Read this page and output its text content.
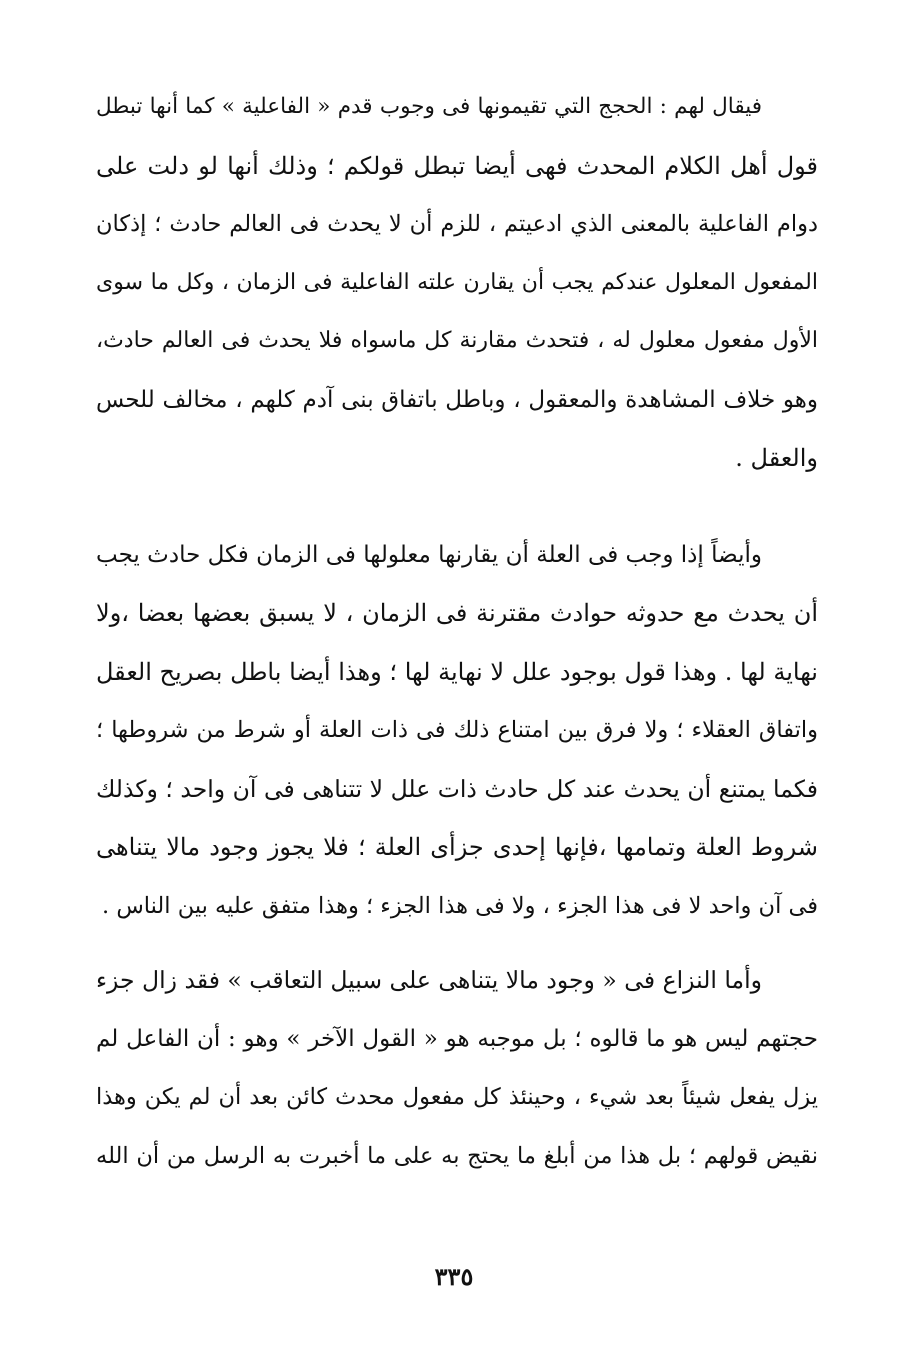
فيقال لهم : الحجج التي تقيمونها فى وجوب قدم « الفاعلية » كما أنها تبطل
قول أهل الكلام المحدث فهى أيضا تبطل قولكم ؛ وذلك أنها لو دلت على
دوام الفاعلية بالمعنى الذي ادعيتم ، للزم أن لا يحدث فى العالم حادث ؛ إذكان
المفعول المعلول عندكم يجب أن يقارن علته الفاعلية فى الزمان ، وكل ما سوى
الأول مفعول معلول له ، فتحدث مقارنة كل ماسواه فلا يحدث فى العالم حادث،
وهو خلاف المشاهدة والمعقول ، وباطل باتفاق بنى آدم كلهم ، مخالف للحس
والعقل .
وأيضاً إذا وجب فى العلة أن يقارنها معلولها فى الزمان فكل حادث يجب
أن يحدث مع حدوثه حوادث مقترنة فى الزمان ، لا يسبق بعضها بعضا ،ولا
نهاية لها . وهذا قول بوجود علل لا نهاية لها ؛ وهذا أيضا باطل بصريح العقل
واتفاق العقلاء ؛ ولا فرق بين امتناع ذلك فى ذات العلة أو شرط من شروطها ؛
فكما يمتنع أن يحدث عند كل حادث ذات علل لا تتناهى فى آن واحد ؛ وكذلك
شروط العلة وتمامها ،فإنها إحدى جزأى العلة ؛ فلا يجوز وجود مالا يتناهى
فى آن واحد لا فى هذا الجزء ، ولا فى هذا الجزء ؛ وهذا متفق عليه بين الناس .
وأما النزاع فى « وجود مالا يتناهى على سبيل التعاقب » فقد زال جزء
حجتهم ليس هو ما قالوه ؛ بل موجبه هو « القول الآخر » وهو : أن الفاعل لم
يزل يفعل شيئاً بعد شيء ، وحينئذ كل مفعول محدث كائن بعد أن لم يكن وهذا
نقيض قولهم ؛ بل هذا من أبلغ ما يحتج به على ما أخبرت به الرسل من أن الله
٣٣٥
